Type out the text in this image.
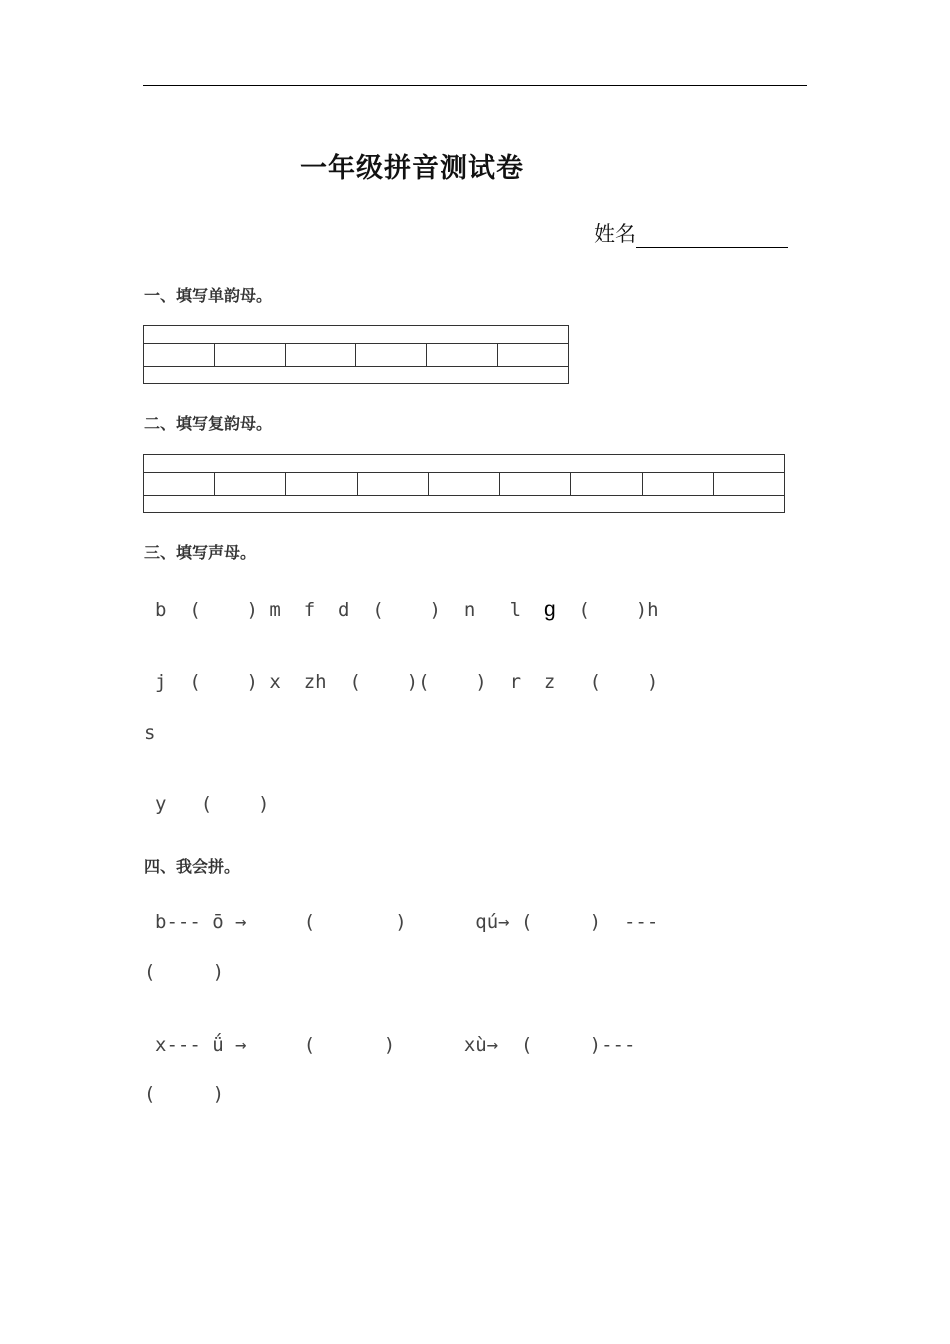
一年级拼音测试卷
姓名
一、填写单韵母。

二、填写复韵母。

三、填写声母。
b  (    ) m  f  d  (    )  n   l  g  (    )h
j  (    ) x  zh  (    )(    )  r  z   (    )
s
y   (    )
四、我会拼。
b--- ō →     (       )      qú→ (     )  ---
(     )
x--- ǘ →     (      )      xù→  (     )---
(     )
